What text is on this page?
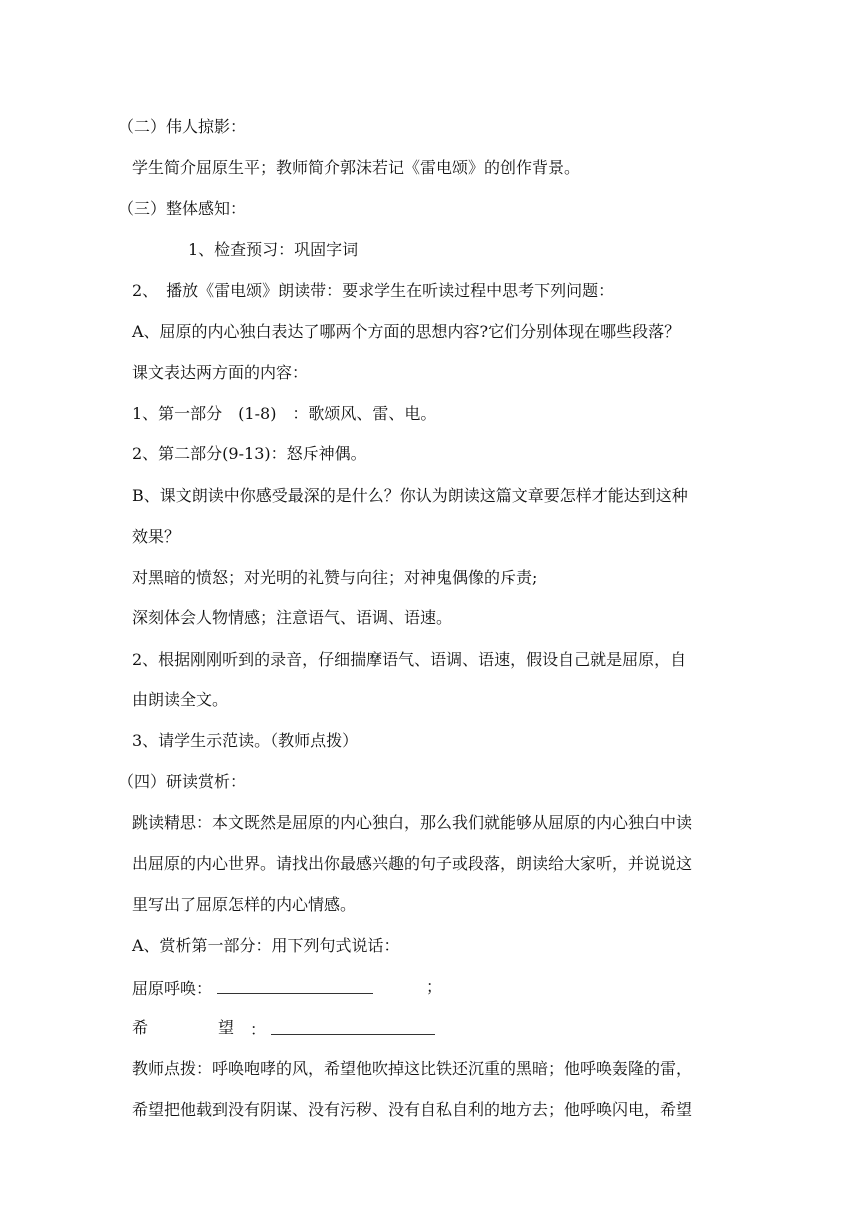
（二）伟人掠影：
学生简介屈原生平；教师简介郭沫若记《雷电颂》的创作背景。
（三）整体感知：
1、检查预习：巩固字词
2、　播放《雷电颂》朗读带：要求学生在听读过程中思考下列问题：
A、屈原的内心独白表达了哪两个方面的思想内容?它们分别体现在哪些段落？
课文表达两方面的内容：
1、第一部分　(1-8)　：歌颂风、雷、电。
2、第二部分(9-13)：怒斥神偶。
B、课文朗读中你感受最深的是什么？你认为朗读这篇文章要怎样才能达到这种
效果？
对黑暗的愤怒；对光明的礼赞与向往；对神鬼偶像的斥责;
深刻体会人物情感；注意语气、语调、语速。
2、根据刚刚听到的录音，仔细揣摩语气、语调、语速，假设自己就是屈原，自
由朗读全文。
3、请学生示范读。（教师点拨）
（四）研读赏析：
跳读精思：本文既然是屈原的内心独白，那么我们就能够从屈原的内心独白中读
出屈原的内心世界。请找出你最感兴趣的句子或段落，朗读给大家听，并说说这
里写出了屈原怎样的内心情感。
A、赏析第一部分：用下列句式说话：
屈原呼唤：	；
希	望 ：
教师点拨：呼唤咆哮的风，希望他吹掉这比铁还沉重的黑暗；他呼唤轰隆的雷，
希望把他载到没有阴谋、没有污秽、没有自私自利的地方去；他呼唤闪电，希望
